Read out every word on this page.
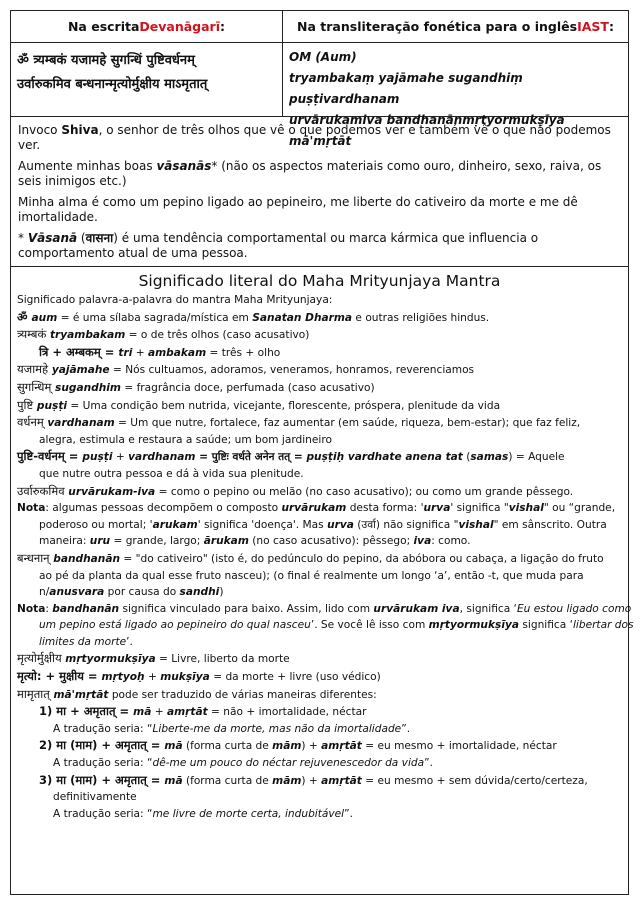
Na escrita Devanāgarī :	Na transliteração fonética para o inglês IAST :
ॐ त्र्यम्बकं यजामहे सुगन्धिं पुष्टिवर्धनम्
उर्वारुकमिव बन्धनान्मृत्योर्मुक्षीय माऽमृतात्
OM (Aum)
tryambakaṃ yajāmahe sugandhiṃ puṣṭivardhanam
urvārukamiva bandhanānmṛtyormukṣīya mā'mṛtāt

Invoco Shiva, o senhor de três olhos que vê o que podemos ver e também vê o que não podemos ver.

Aumente minhas boas vāsanās* (não os aspectos materiais como ouro, dinheiro, sexo, raiva, os seis inimigos etc.)

Minha alma é como um pepino ligado ao pepineiro, me liberte do cativeiro da morte e me dê imortalidade.

* Vāsanā (वासना) é uma tendência comportamental ou marca kármica que influencia o comportamento atual de uma pessoa.

Significado literal do Maha Mrityunjaya Mantra
Significado palavra-a-palavra do mantra Maha Mrityunjaya:
ॐ aum = é uma sílaba sagrada/mística em Sanatan Dharma e outras religiões hindus.
त्र्यम्बकं tryambakam = o de três olhos (caso acusativo)
त्रि + अम्बकम् = tri + ambakam = três + olho
यजामहे yajāmahe = Nós cultuamos, adoramos, veneramos, honramos, reverenciamos
सुगन्धिम् sugandhim = fragrância doce, perfumada (caso acusativo)
पुष्टि puṣṭi = Uma condição bem nutrida, vicejante, florescente, próspera, plenitude da vida
वर्धनम् vardhanam = Um que nutre, fortalece, faz aumentar (em saúde, riqueza, bem-estar); que faz feliz,
alegra, estimula e restaura a saúde; um bom jardineiro
पुष्टि-वर्धनम् = puṣṭi + vardhanam = पुष्टिः वर्धते अनेन तत् = puṣṭiḥ vardhate anena tat (samas) = Aquele
que nutre outra pessoa e dá à vida sua plenitude.
उर्वारुकमिव urvārukam-iva = como o pepino ou melão (no caso acusativo); ou como um grande pêssego.
Nota: algumas pessoas decompõem o composto urvārukam desta forma: 'urva' significa "vishal" ou “grande,
poderoso ou mortal; 'arukam' significa 'doença'. Mas urva (उर्वा) não significa "vishal" em sânscrito. Outra
maneira: uru = grande, largo; ārukam (no caso acusativo): pêssego; iva: como.
बन्धनान् bandhanān = "do cativeiro" (isto é, do pedúnculo do pepino, da abóbora ou cabaça, a ligação do fruto
ao pé da planta da qual esse fruto nasceu); (o final é realmente um longo ‘a’, então -t, que muda para
n/anusvara por causa do sandhi)
Nota: bandhanān significa vinculado para baixo. Assim, lido com urvārukam iva, significa ‘Eu estou ligado como
um pepino está ligado ao pepineiro do qual nasceu’. Se você lê isso com mṛtyormukṣīya significa ‘libertar dos
limites da morte’.
मृत्योर्मुक्षीय mṛtyormukṣīya = Livre, liberto da morte
मृत्यो: + मुक्षीय = mṛtyoḥ + mukṣīya = da morte + livre (uso védico)
मामृतात् mā'mṛtāt pode ser traduzido de várias maneiras diferentes:
1) मा + अमृतात् = mā + amṛtāt = não + imortalidade, néctar
A tradução seria: “Liberte-me da morte, mas não da imortalidade”.
2) मा (माम) + अमृतात् = mā (forma curta de mām) + amṛtāt = eu mesmo + imortalidade, néctar
A tradução seria: “dê-me um pouco do néctar rejuvenescedor da vida”.
3) मा (माम) + अमृतात् = mā (forma curta de mām) + amṛtāt = eu mesmo + sem dúvida/certo/certeza,
definitivamente
A tradução seria: “me livre de morte certa, indubitável”.
